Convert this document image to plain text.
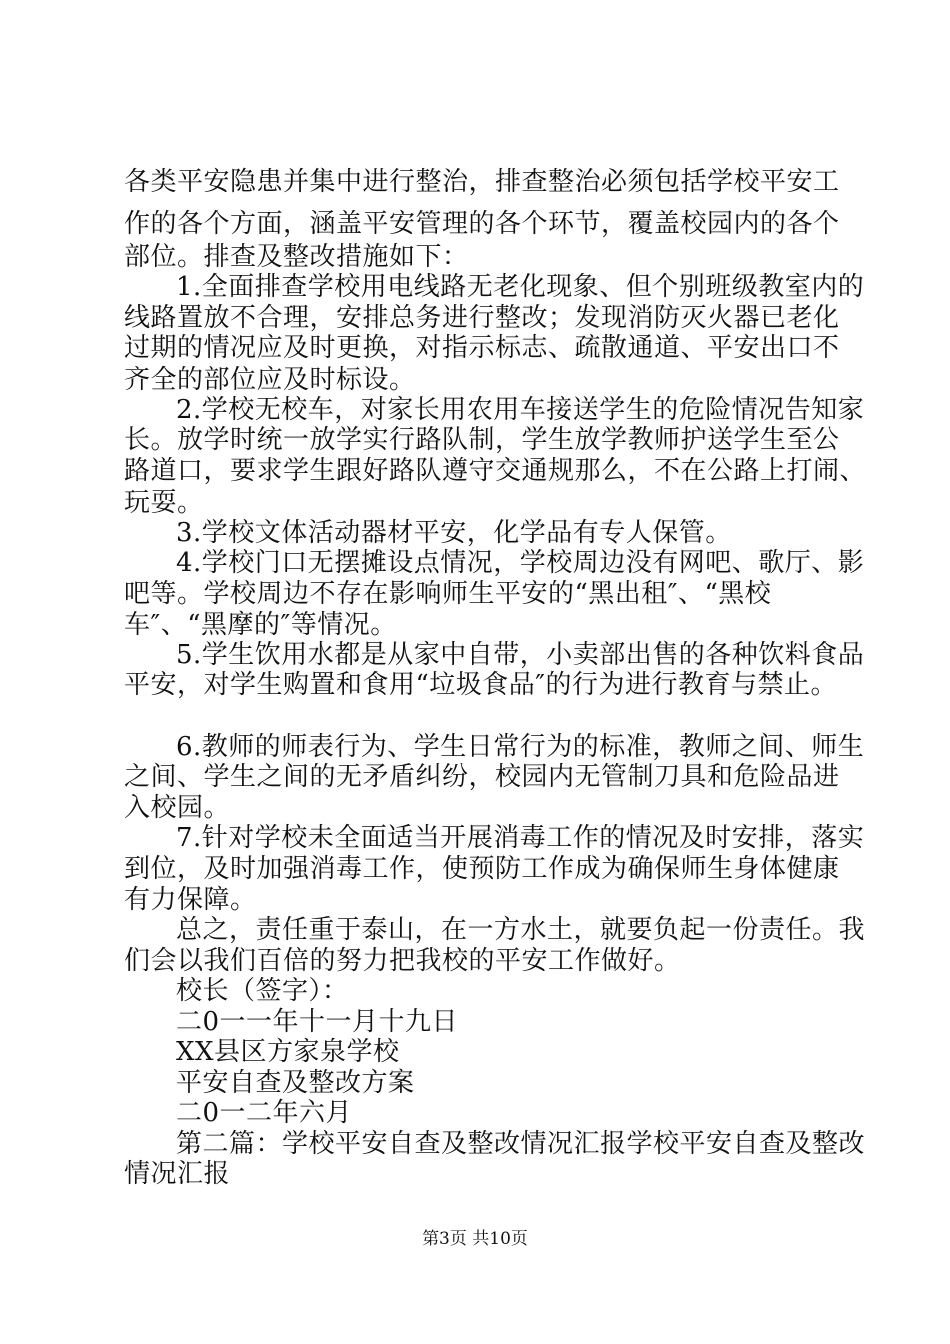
各类平安隐患并集中进行整治，排查整治必须包括学校平安工
作的各个方面，涵盖平安管理的各个环节，覆盖校园内的各个
部位。排查及整改措施如下：
1.全面排查学校用电线路无老化现象、但个别班级教室内的
线路置放不合理，安排总务进行整改；发现消防灭火器已老化
过期的情况应及时更换，对指示标志、疏散通道、平安出口不
齐全的部位应及时标设。
2.学校无校车，对家长用农用车接送学生的危险情况告知家
长。放学时统一放学实行路队制，学生放学教师护送学生至公
路道口，要求学生跟好路队遵守交通规那么，不在公路上打闹、
玩耍。
3.学校文体活动器材平安，化学品有专人保管。
4.学校门口无摆摊设点情况，学校周边没有网吧、歌厅、影
吧等。学校周边不存在影响师生平安的“黑出租″、“黑校
车″、“黑摩的″等情况。
5.学生饮用水都是从家中自带，小卖部出售的各种饮料食品
平安，对学生购置和食用“垃圾食品″的行为进行教育与禁止。
6.教师的师表行为、学生日常行为的标准，教师之间、师生
之间、学生之间的无矛盾纠纷，校园内无管制刀具和危险品进
入校园。
7.针对学校未全面适当开展消毒工作的情况及时安排，落实
到位，及时加强消毒工作，使预防工作成为确保师生身体健康
有力保障。
总之，责任重于泰山，在一方水土，就要负起一份责任。我
们会以我们百倍的努力把我校的平安工作做好。
校长（签字）：
二0一一年十一月十九日
XX县区方家泉学校
平安自查及整改方案
二0一二年六月
第二篇：学校平安自查及整改情况汇报学校平安自查及整改
情况汇报
第3页 共10页
